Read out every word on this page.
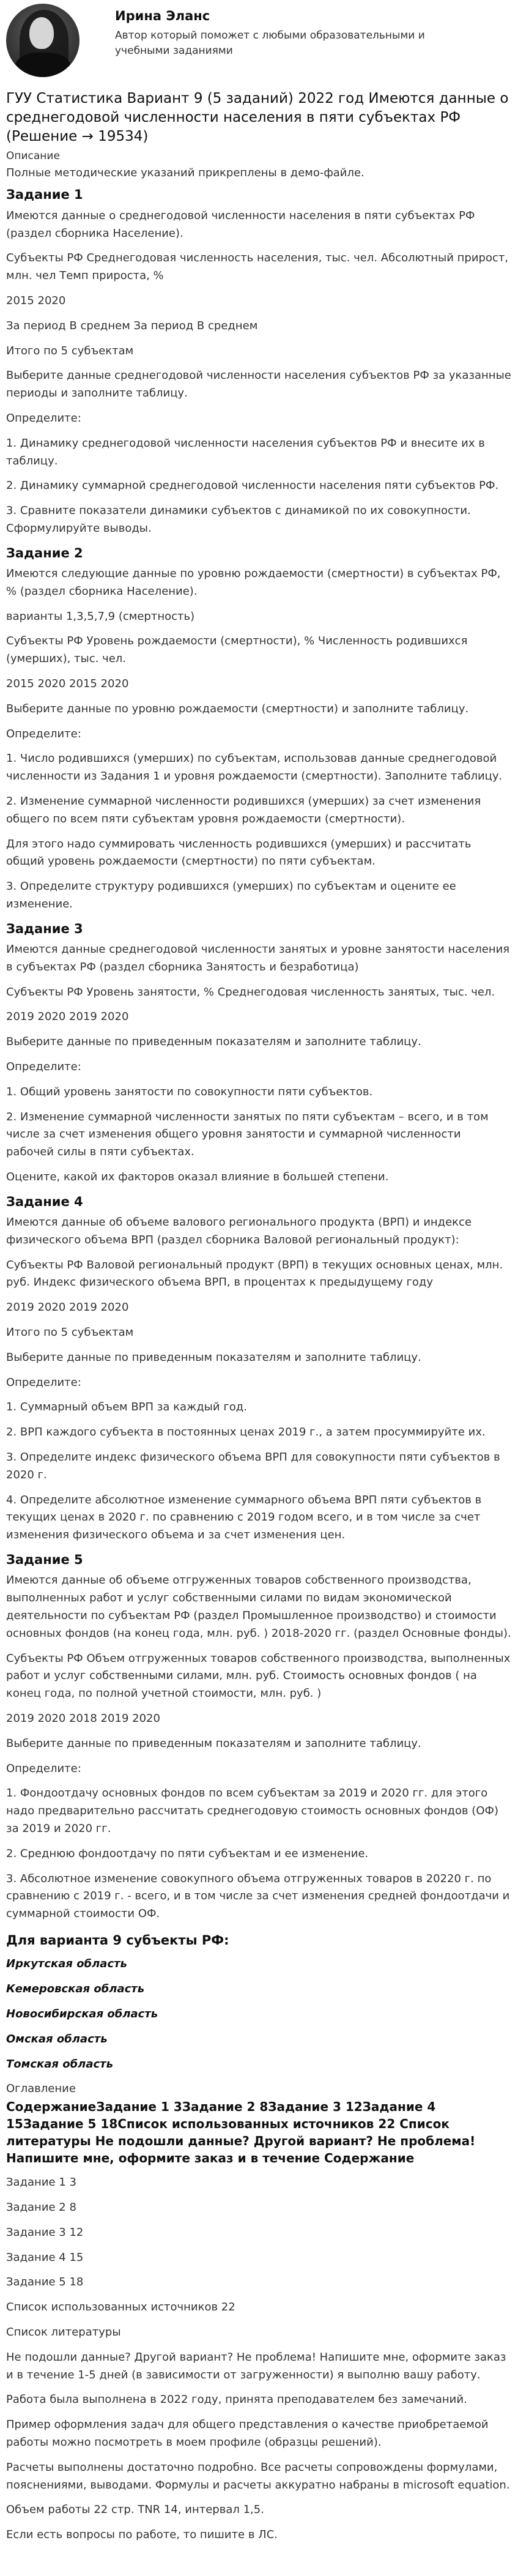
Ирина Эланс

Автор который поможет с любыми образовательными и учебными заданиями

ГУУ Статистика Вариант 9 (5 заданий) 2022 год Имеются данные о среднегодовой численности населения в пяти субъектах РФ (Решение → 19534)

Описание

Полные методические указаний прикреплены в демо-файле.

Задание 1

Имеются данные о среднегодовой численности населения в пяти субъектах РФ (раздел сборника Население).

Субъекты РФ Среднегодовая численность населения, тыс. чел. Абсолютный прирост, млн. чел Темп прироста, %

2015 2020

За период В среднем За период В среднем

Итого по 5 субъектам

Выберите данные среднегодовой численности населения субъектов РФ за указанные периоды и заполните таблицу.

Определите:

1. Динамику среднегодовой численности населения субъектов РФ и внесите их в таблицу.

2. Динамику суммарной среднегодовой численности населения пяти субъектов РФ.

3. Сравните показатели динамики субъектов с динамикой по их совокупности. Сформулируйте выводы.

Задание 2

Имеются следующие данные по уровню рождаемости (смертности) в субъектах РФ, % (раздел сборника Население).

варианты 1,3,5,7,9 (смертность)

Субъекты РФ Уровень рождаемости (смертности), % Численность родившихся (умерших), тыс. чел.

2015 2020 2015 2020

Выберите данные по уровню рождаемости (смертности) и заполните таблицу.

Определите:

1. Число родившихся (умерших) по субъектам, использовав данные среднегодовой численности из Задания 1 и уровня рождаемости (смертности). Заполните таблицу.

2. Изменение суммарной численности родившихся (умерших) за счет изменения общего по всем пяти субъектам уровня рождаемости (смертности).

Для этого надо суммировать численность родившихся (умерших) и рассчитать общий уровень рождаемости (смертности) по пяти субъектам.

3. Определите структуру родившихся (умерших) по субъектам и оцените ее изменение.

Задание 3

Имеются данные среднегодовой численности занятых и уровне занятости населения в субъектах РФ (раздел сборника Занятость и безработица)

Субъекты РФ Уровень занятости, % Среднегодовая численность занятых, тыс. чел.

2019 2020 2019 2020

Выберите данные по приведенным показателям и заполните таблицу.

Определите:

1. Общий уровень занятости по совокупности пяти субъектов.

2. Изменение суммарной численности занятых по пяти субъектам – всего, и в том числе за счет изменения общего уровня занятости и суммарной численности рабочей силы в пяти субъектах.

Оцените, какой их факторов оказал влияние в большей степени.

Задание 4

Имеются данные об объеме валового регионального продукта (ВРП) и индексе физического объема ВРП (раздел сборника Валовой региональный продукт):

Субъекты РФ Валовой региональный продукт (ВРП) в текущих основных ценах, млн. руб. Индекс физического объема ВРП, в процентах к предыдущему году

2019 2020 2019 2020

Итого по 5 субъектам

Выберите данные по приведенным показателям и заполните таблицу.

Определите:

1. Суммарный объем ВРП за каждый год.

2. ВРП каждого субъекта в постоянных ценах 2019 г., а затем просуммируйте их.

3. Определите индекс физического объема ВРП для совокупности пяти субъектов в 2020 г.

4. Определите абсолютное изменение суммарного объема ВРП пяти субъектов в текущих ценах в 2020 г. по сравнению с 2019 годом всего, и в том числе за счет изменения физического объема и за счет изменения цен.

Задание 5

Имеются данные об объеме отгруженных товаров собственного производства, выполненных работ и услуг собственными силами по видам экономической деятельности по субъектам РФ (раздел Промышленное производство) и стоимости основных фондов (на конец года, млн. руб. ) 2018-2020 гг. (раздел Основные фонды).

Субъекты РФ Объем отгруженных товаров собственного производства, выполненных работ и услуг собственными силами, млн. руб. Стоимость основных фондов ( на конец года, по полной учетной стоимости, млн. руб. )

2019 2020 2018 2019 2020

Выберите данные по приведенным показателям и заполните таблицу.

Определите:

1. Фондоотдачу основных фондов по всем субъектам за 2019 и 2020 гг. для этого надо предварительно рассчитать среднегодовую стоимость основных фондов (ОФ) за 2019 и 2020 гг.

2. Среднюю фондоотдачу по пяти субъектам и ее изменение.

3. Абсолютное изменение совокупного объема отгруженных товаров в 20220 г. по сравнению с 2019 г. - всего, и в том числе за счет изменения средней фондоотдачи и суммарной стоимости ОФ.

Для варианта 9 субъекты РФ:

Иркутская область

Кемеровская область

Новосибирская область

Омская область

Томская область

Оглавление

СодержаниеЗадание 1 3Задание 2 8Задание 3 12Задание 4 15Задание 5 18Список использованных источников 22 Список литературы Не подошли данные? Другой вариант? Не проблема! Напишите мне, оформите заказ и в течение Содержание

Задание 1 3

Задание 2 8

Задание 3 12

Задание 4 15

Задание 5 18

Список использованных источников 22

Список литературы

Не подошли данные? Другой вариант? Не проблема! Напишите мне, оформите заказ и в течение 1-5 дней (в зависимости от загруженности) я выполню вашу работу.

Работа была выполнена в 2022 году, принята преподавателем без замечаний.

Пример оформления задач для общего представления о качестве приобретаемой работы можно посмотреть в моем профиле (образцы решений).

Расчеты выполнены достаточно подробно. Все расчеты сопровождены формулами, пояснениями, выводами. Формулы и расчеты аккуратно набраны в microsoft equation.

Объем работы 22 стр. TNR 14, интервал 1,5.

Если есть вопросы по работе, то пишите в ЛС.
